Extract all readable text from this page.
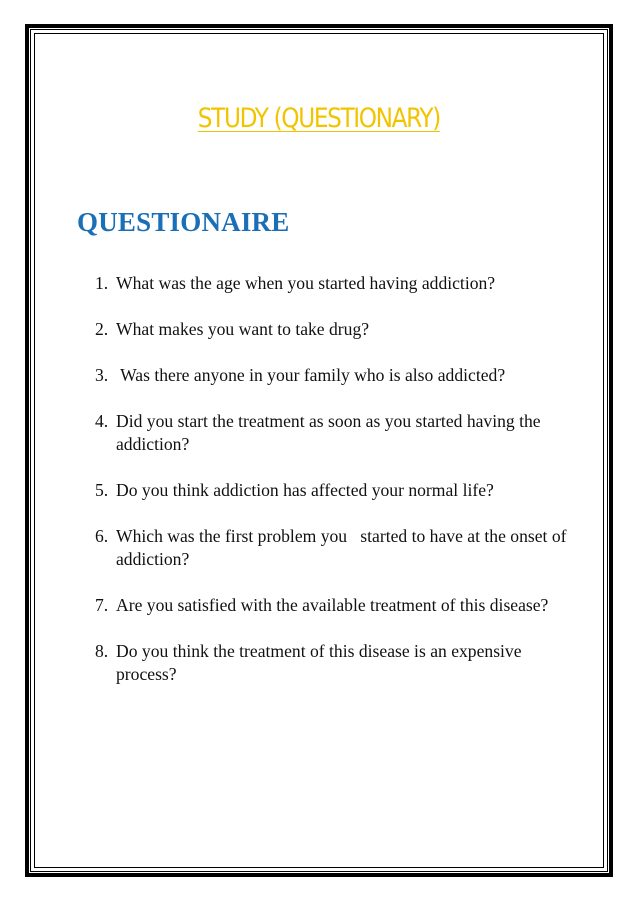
STUDY (QUESTIONARY)
QUESTIONAIRE
1. What was the age when you started having addiction?
2. What makes you want to take drug?
3. Was there anyone in your family who is also addicted?
4. Did you start the treatment as soon as you started having the addiction?
5. Do you think addiction has affected your normal life?
6. Which was the first problem you   started to have at the onset of addiction?
7. Are you satisfied with the available treatment of this disease?
8. Do you think the treatment of this disease is an expensive process?
